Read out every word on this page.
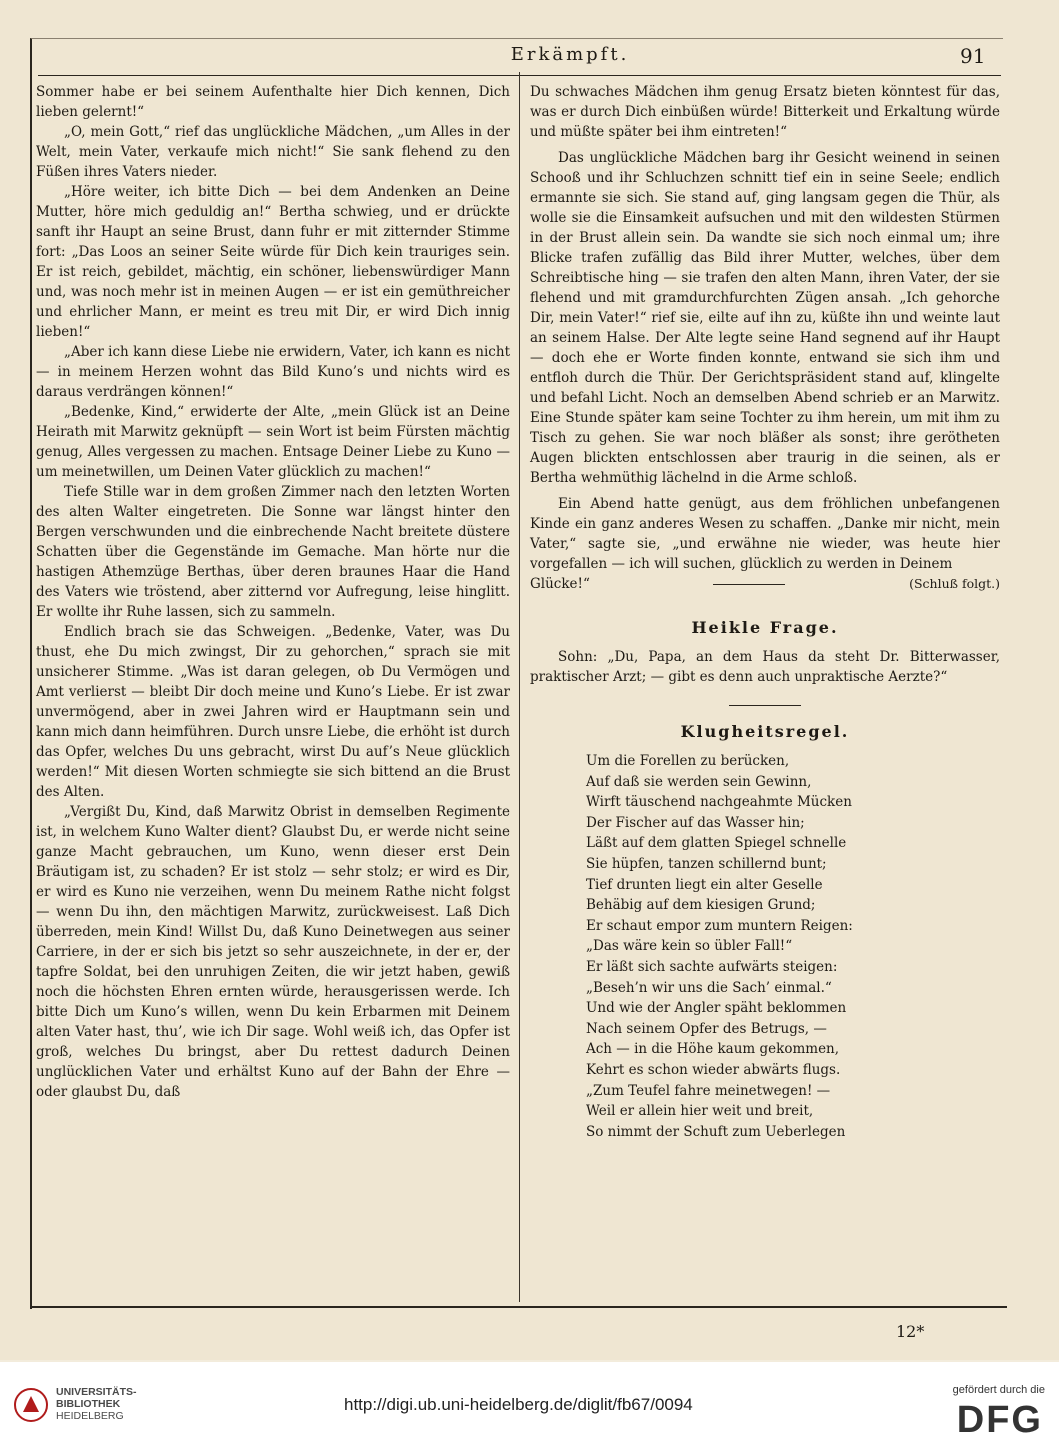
Erkämpft.	91

Sommer habe er bei seinem Aufenthalte hier Dich kennen, Dich lieben gelernt!“

„O, mein Gott,“ rief das unglückliche Mädchen, „um Alles in der Welt, mein Vater, verkaufe mich nicht!“ Sie sank flehend zu den Füßen ihres Vaters nieder.

„Höre weiter, ich bitte Dich — bei dem Andenken an Deine Mutter, höre mich geduldig an!“ Bertha schwieg, und er drückte sanft ihr Haupt an seine Brust, dann fuhr er mit zitternder Stimme fort: „Das Loos an seiner Seite würde für Dich kein trauriges sein. Er ist reich, gebildet, mächtig, ein schöner, liebenswürdiger Mann und, was noch mehr ist in meinen Augen — er ist ein gemüthreicher und ehrlicher Mann, er meint es treu mit Dir, er wird Dich innig lieben!“

„Aber ich kann diese Liebe nie erwidern, Vater, ich kann es nicht — in meinem Herzen wohnt das Bild Kuno’s und nichts wird es daraus verdrängen können!“

„Bedenke, Kind,“ erwiderte der Alte, „mein Glück ist an Deine Heirath mit Marwitz geknüpft — sein Wort ist beim Fürsten mächtig genug, Alles vergessen zu machen. Entsage Deiner Liebe zu Kuno — um meinetwillen, um Deinen Vater glücklich zu machen!“

Tiefe Stille war in dem großen Zimmer nach den letzten Worten des alten Walter eingetreten. Die Sonne war längst hinter den Bergen verschwunden und die einbrechende Nacht breitete düstere Schatten über die Gegenstände im Gemache. Man hörte nur die hastigen Athemzüge Berthas, über deren braunes Haar die Hand des Vaters wie tröstend, aber zitternd vor Aufregung, leise hinglitt. Er wollte ihr Ruhe lassen, sich zu sammeln.

Endlich brach sie das Schweigen. „Bedenke, Vater, was Du thust, ehe Du mich zwingst, Dir zu gehorchen,“ sprach sie mit unsicherer Stimme. „Was ist daran gelegen, ob Du Vermögen und Amt verlierst — bleibt Dir doch meine und Kuno’s Liebe. Er ist zwar unvermögend, aber in zwei Jahren wird er Hauptmann sein und kann mich dann heimführen. Durch unsre Liebe, die erhöht ist durch das Opfer, welches Du uns gebracht, wirst Du auf’s Neue glücklich werden!“ Mit diesen Worten schmiegte sie sich bittend an die Brust des Alten.

„Vergißt Du, Kind, daß Marwitz Obrist in demselben Regimente ist, in welchem Kuno Walter dient? Glaubst Du, er werde nicht seine ganze Macht gebrauchen, um Kuno, wenn dieser erst Dein Bräutigam ist, zu schaden? Er ist stolz — sehr stolz; er wird es Dir, er wird es Kuno nie verzeihen, wenn Du meinem Rathe nicht folgst — wenn Du ihn, den mächtigen Marwitz, zurückweisest. Laß Dich überreden, mein Kind! Willst Du, daß Kuno Deinetwegen aus seiner Carriere, in der er sich bis jetzt so sehr auszeichnete, in der er, der tapfre Soldat, bei den unruhigen Zeiten, die wir jetzt haben, gewiß noch die höchsten Ehren ernten würde, herausgerissen werde. Ich bitte Dich um Kuno’s willen, wenn Du kein Erbarmen mit Deinem alten Vater hast, thu’, wie ich Dir sage. Wohl weiß ich, das Opfer ist groß, welches Du bringst, aber Du rettest dadurch Deinen unglücklichen Vater und erhältst Kuno auf der Bahn der Ehre — oder glaubst Du, daß

Du schwaches Mädchen ihm genug Ersatz bieten könntest für das, was er durch Dich einbüßen würde! Bitterkeit und Erkaltung würde und müßte später bei ihm eintreten!“

Das unglückliche Mädchen barg ihr Gesicht weinend in seinen Schooß und ihr Schluchzen schnitt tief ein in seine Seele; endlich ermannte sie sich. Sie stand auf, ging langsam gegen die Thür, als wolle sie die Einsamkeit aufsuchen und mit den wildesten Stürmen in der Brust allein sein. Da wandte sie sich noch einmal um; ihre Blicke trafen zufällig das Bild ihrer Mutter, welches, über dem Schreibtische hing — sie trafen den alten Mann, ihren Vater, der sie flehend und mit gramdurchfurchten Zügen ansah. „Ich gehorche Dir, mein Vater!“ rief sie, eilte auf ihn zu, küßte ihn und weinte laut an seinem Halse. Der Alte legte seine Hand segnend auf ihr Haupt — doch ehe er Worte finden konnte, entwand sie sich ihm und entfloh durch die Thür. Der Gerichtspräsident stand auf, klingelte und befahl Licht. Noch an demselben Abend schrieb er an Marwitz. Eine Stunde später kam seine Tochter zu ihm herein, um mit ihm zu Tisch zu gehen. Sie war noch bläßer als sonst; ihre gerötheten Augen blickten entschlossen aber traurig in die seinen, als er Bertha wehmüthig lächelnd in die Arme schloß.

Ein Abend hatte genügt, aus dem fröhlichen unbefangenen Kinde ein ganz anderes Wesen zu schaffen. „Danke mir nicht, mein Vater,“ sagte sie, „und erwähne nie wieder, was heute hier vorgefallen — ich will suchen, glücklich zu werden in Deinem

Glücke!“	(Schluß folgt.)
Heikle Frage.

Sohn: „Du, Papa, an dem Haus da steht Dr. Bitterwasser, praktischer Arzt; — gibt es denn auch unpraktische Aerzte?“

Klugheitsregel.
Um die Forellen zu berücken,
Auf daß sie werden sein Gewinn,
Wirft täuschend nachgeahmte Mücken
Der Fischer auf das Wasser hin;
Läßt auf dem glatten Spiegel schnelle
Sie hüpfen, tanzen schillernd bunt;
Tief drunten liegt ein alter Geselle
Behäbig auf dem kiesigen Grund;
Er schaut empor zum muntern Reigen:
„Das wäre kein so übler Fall!“
Er läßt sich sachte aufwärts steigen:
„Beseh’n wir uns die Sach’ einmal.“
Und wie der Angler späht beklommen
Nach seinem Opfer des Betrugs, —
Ach — in die Höhe kaum gekommen,
Kehrt es schon wieder abwärts flugs.
„Zum Teufel fahre meinetwegen! —
Weil er allein hier weit und breit,
So nimmt der Schuft zum Ueberlegen
12*
UNIVERSITÄTS-
BIBLIOTHEK
HEIDELBERG
http://digi.ub.uni-heidelberg.de/diglit/fb67/0094
gefördert durch die
DFG
